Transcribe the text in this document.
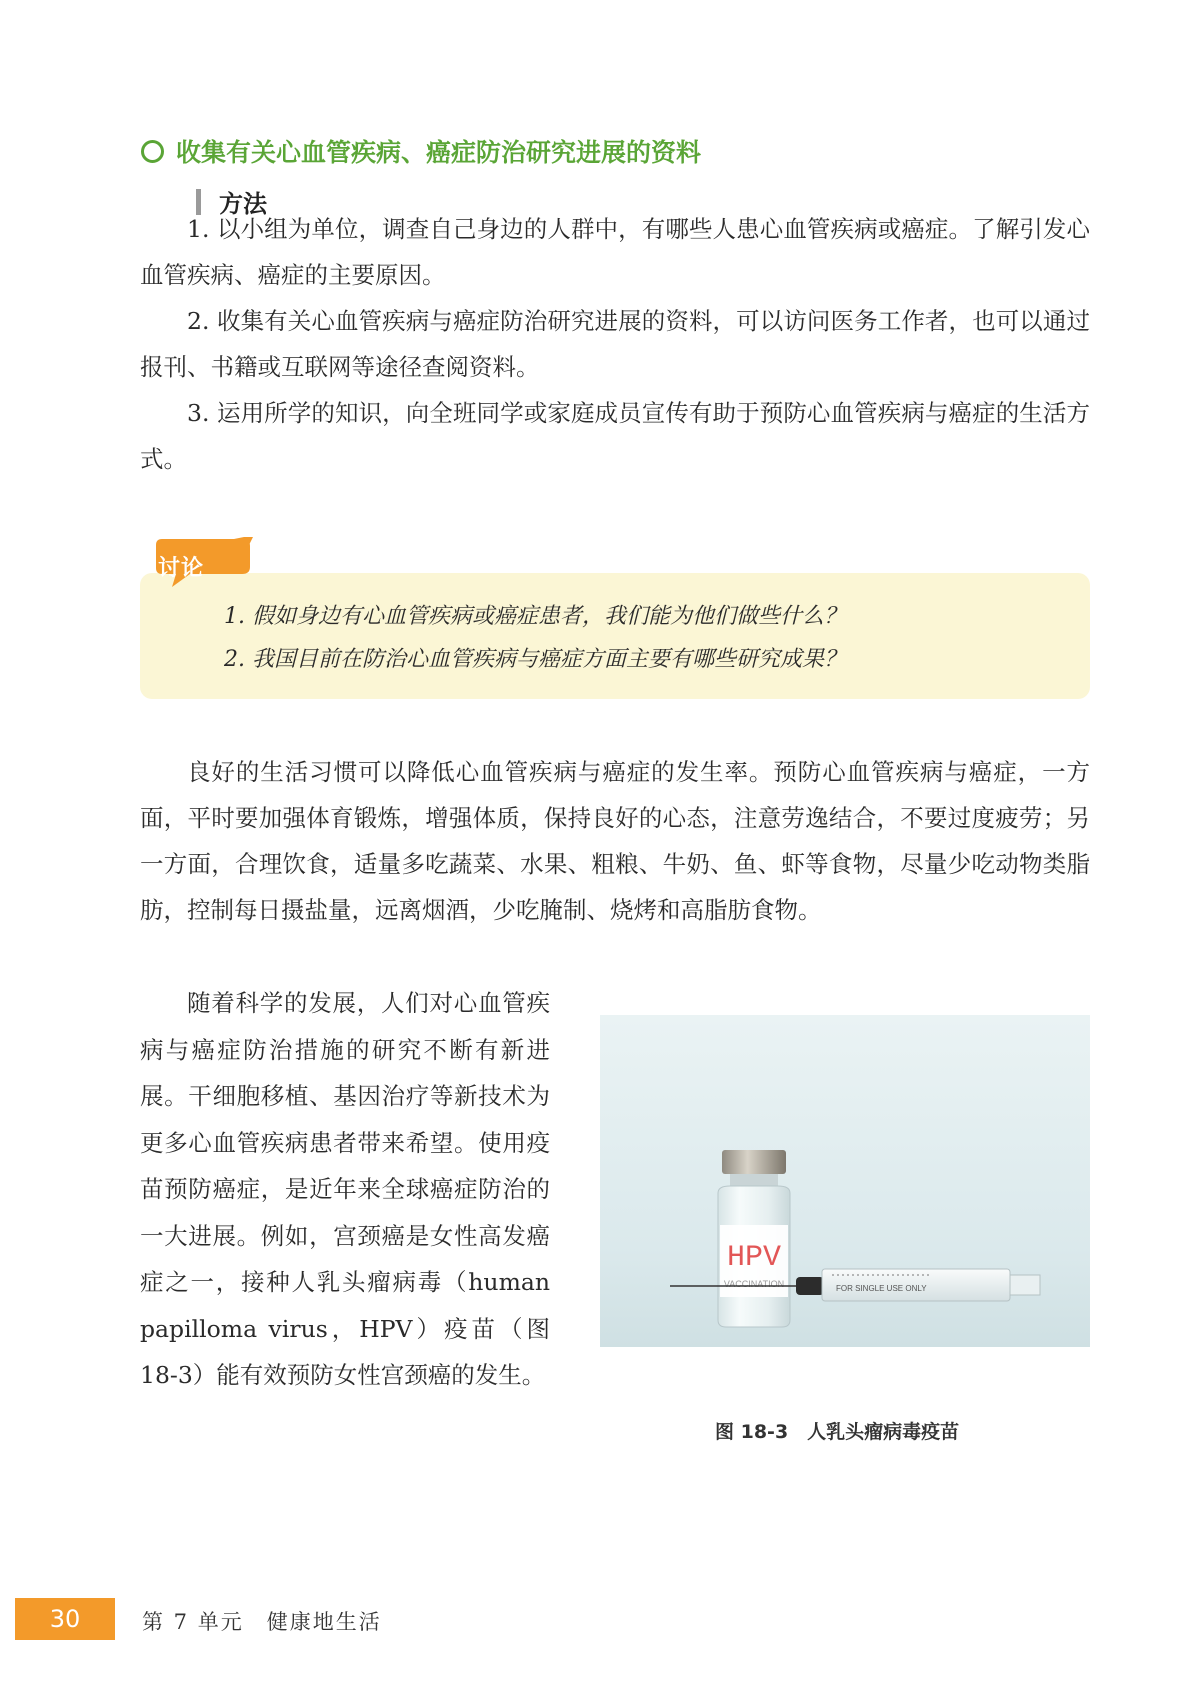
收集有关心血管疾病、癌症防治研究进展的资料
方法

1. 以小组为单位，调查自己身边的人群中，有哪些人患心血管疾病或癌症。了解引发心血管疾病、癌症的主要原因。

2. 收集有关心血管疾病与癌症防治研究进展的资料，可以访问医务工作者，也可以通过报刊、书籍或互联网等途径查阅资料。

3. 运用所学的知识，向全班同学或家庭成员宣传有助于预防心血管疾病与癌症的生活方式。

讨论
1. 假如身边有心血管疾病或癌症患者，我们能为他们做些什么？
2. 我国目前在防治心血管疾病与癌症方面主要有哪些研究成果？

良好的生活习惯可以降低心血管疾病与癌症的发生率。预防心血管疾病与癌症，一方面，平时要加强体育锻炼，增强体质，保持良好的心态，注意劳逸结合，不要过度疲劳；另一方面，合理饮食，适量多吃蔬菜、水果、粗粮、牛奶、鱼、虾等食物，尽量少吃动物类脂肪，控制每日摄盐量，远离烟酒，少吃腌制、烧烤和高脂肪食物。

随着科学的发展，人们对心血管疾病与癌症防治措施的研究不断有新进展。干细胞移植、基因治疗等新技术为更多心血管疾病患者带来希望。使用疫苗预防癌症，是近年来全球癌症防治的一大进展。例如，宫颈癌是女性高发癌症之一，接种人乳头瘤病毒（human papilloma virus，HPV）疫苗（图 18-3）能有效预防女性宫颈癌的发生。

HPV
VACCINATION	FOR SINGLE USE ONLY
图 18-3　人乳头瘤病毒疫苗
30	第 7 单元　健康地生活
